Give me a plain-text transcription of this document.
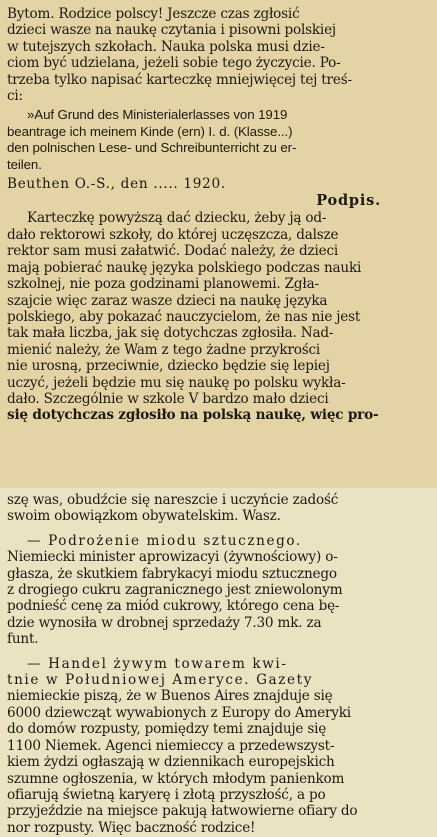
Bytom. Rodzice polscy! Jeszcze czas zgłosić
dzieci wasze na naukę czytania i pisowni polskiej
w tutejszych szkołach. Nauka polska musi dzie-
ciom być udzielana, jeżeli sobie tego życzycie. Po-
trzeba tylko napisać karteczkę mniejwięcej tej treś-
ci:
»Auf Grund des Ministerialerlasses von 1919
beantrage ich meinem Kinde (ern) I. d. (Klasse...)
den polnischen Lese- und Schreibunterricht zu er-
teilen.
Beuthen O.-S., den ..... 1920.
Podpis.
Karteczkę powyższą dać dziecku, żeby ją od-
dało rektorowi szkoły, do której uczęszcza, dalsze
rektor sam musi załatwić. Dodać należy, że dzieci
mają pobierać naukę języka polskiego podczas nauki
szkolnej, nie poza godzinami planowemi. Zgła-
szajcie więc zaraz wasze dzieci na naukę języka
polskiego, aby pokazać nauczycielom, że nas nie jest
tak mała liczba, jak się dotychczas zgłosiła. Nad-
mienić należy, że Wam z tego żadne przykrości
nie urosną, przeciwnie, dziecko będzie się lepiej
uczyć, jeżeli będzie mu się naukę po polsku wykła-
dało. Szczególnie w szkole V bardzo mało dzieci
się dotychczas zgłosiło na polską naukę, więc pro-
szę was, obudźcie się nareszcie i uczyńcie zadość
swoim obowiązkom obywatelskim. Wasz.
— Podrożenie miodu sztucznego.
Niemiecki minister aprowizacyi (żywnościowy) o-
głasza, że skutkiem fabrykacyi miodu sztucznego
z drogiego cukru zagranicznego jest zniewolonym
podnieść cenę za miód cukrowy, którego cena bę-
dzie wynosiła w drobnej sprzedaży 7.30 mk. za
funt.
— Handel żywym towarem kwi-
tnie w Południowej Ameryce. Gazety
niemieckie piszą, że w Buenos Aires znajduje się
6000 dziewcząt wywabionych z Europy do Ameryki
do domów rozpusty, pomiędzy temi znajduje się
1100 Niemek. Agenci niemieccy a przedewszyst-
kiem żydzi ogłaszają w dziennikach europejskich
szumne ogłoszenia, w których młodym panienkom
ofiarują świetną karyerę i złotą przyszłość, a po
przyjeździe na miejsce pakują łatwowierne ofiary do
nor rozpusty. Więc baczność rodzice!
